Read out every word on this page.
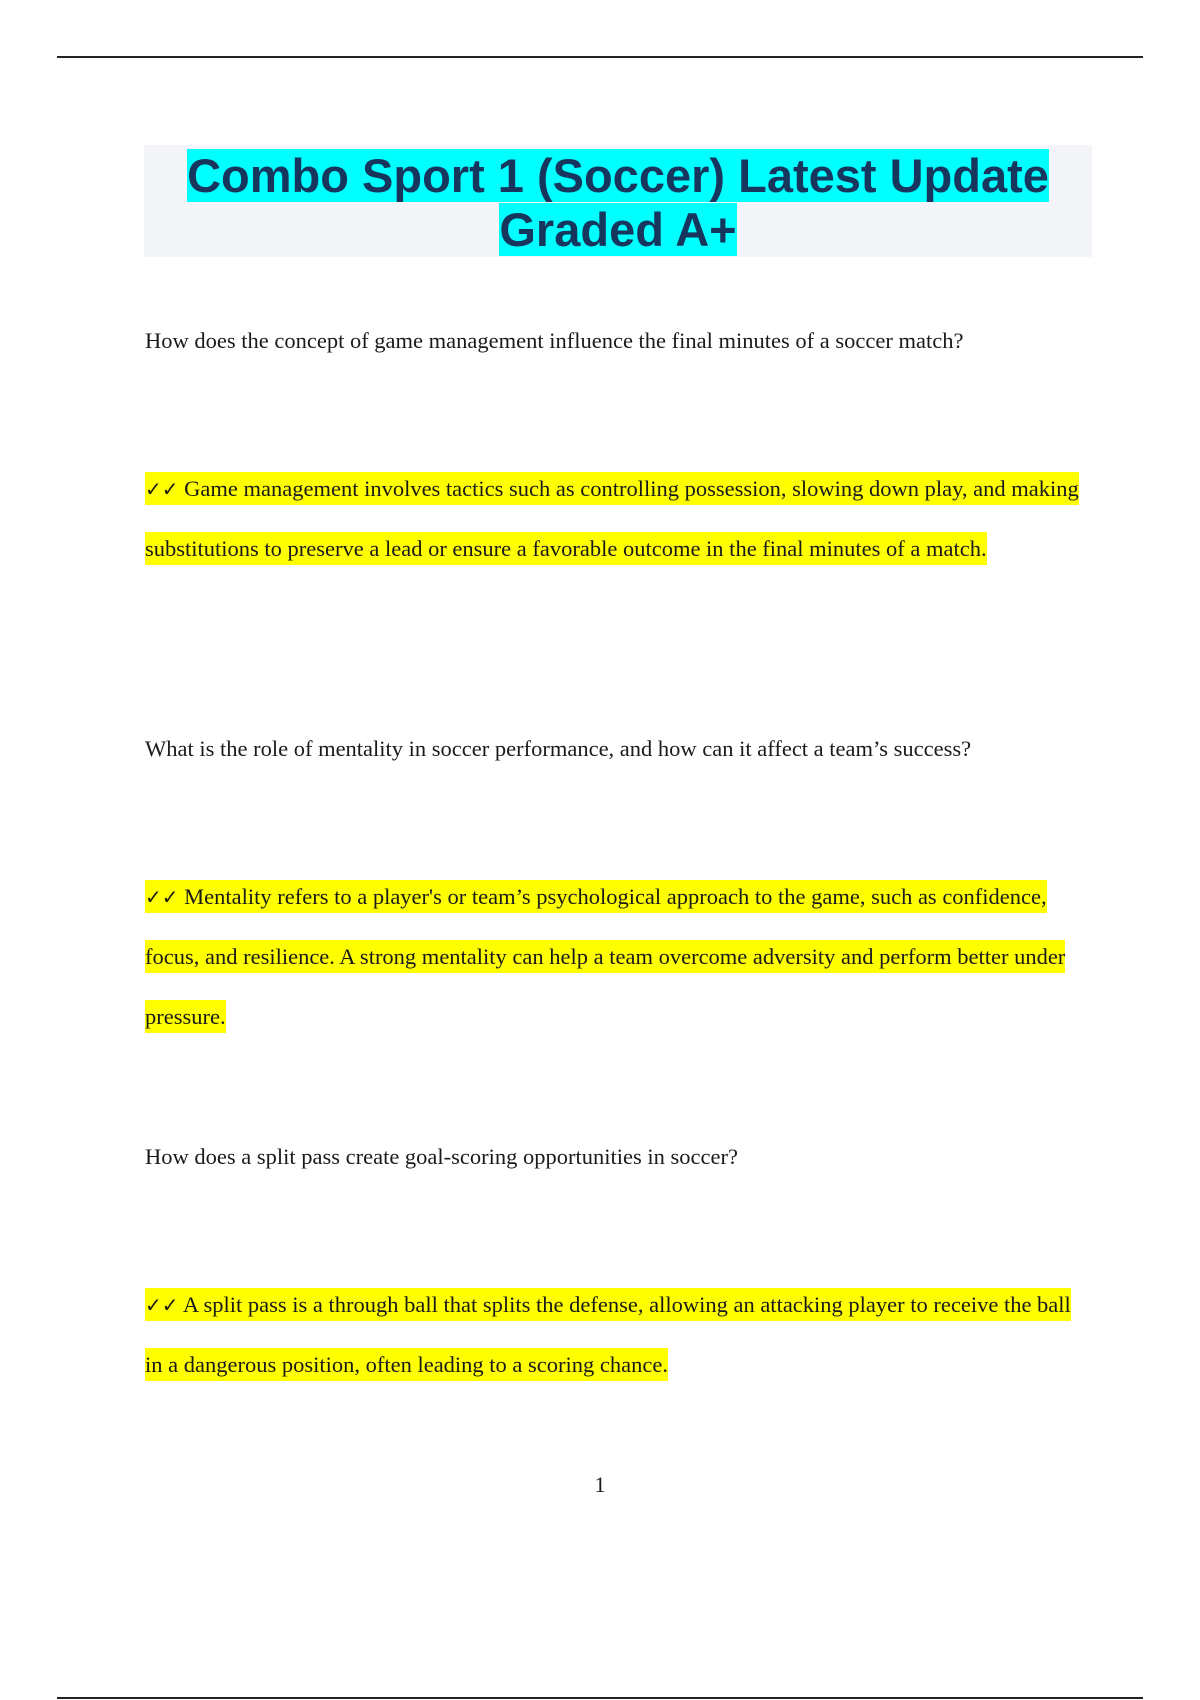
Combo Sport 1 (Soccer) Latest Update Graded A+

How does the concept of game management influence the final minutes of a soccer match?

✓✓ Game management involves tactics such as controlling possession, slowing down play, and making substitutions to preserve a lead or ensure a favorable outcome in the final minutes of a match.

What is the role of mentality in soccer performance, and how can it affect a team’s success?

✓✓ Mentality refers to a player's or team’s psychological approach to the game, such as confidence, focus, and resilience. A strong mentality can help a team overcome adversity and perform better under pressure.

How does a split pass create goal-scoring opportunities in soccer?

✓✓ A split pass is a through ball that splits the defense, allowing an attacking player to receive the ball in a dangerous position, often leading to a scoring chance.

1
